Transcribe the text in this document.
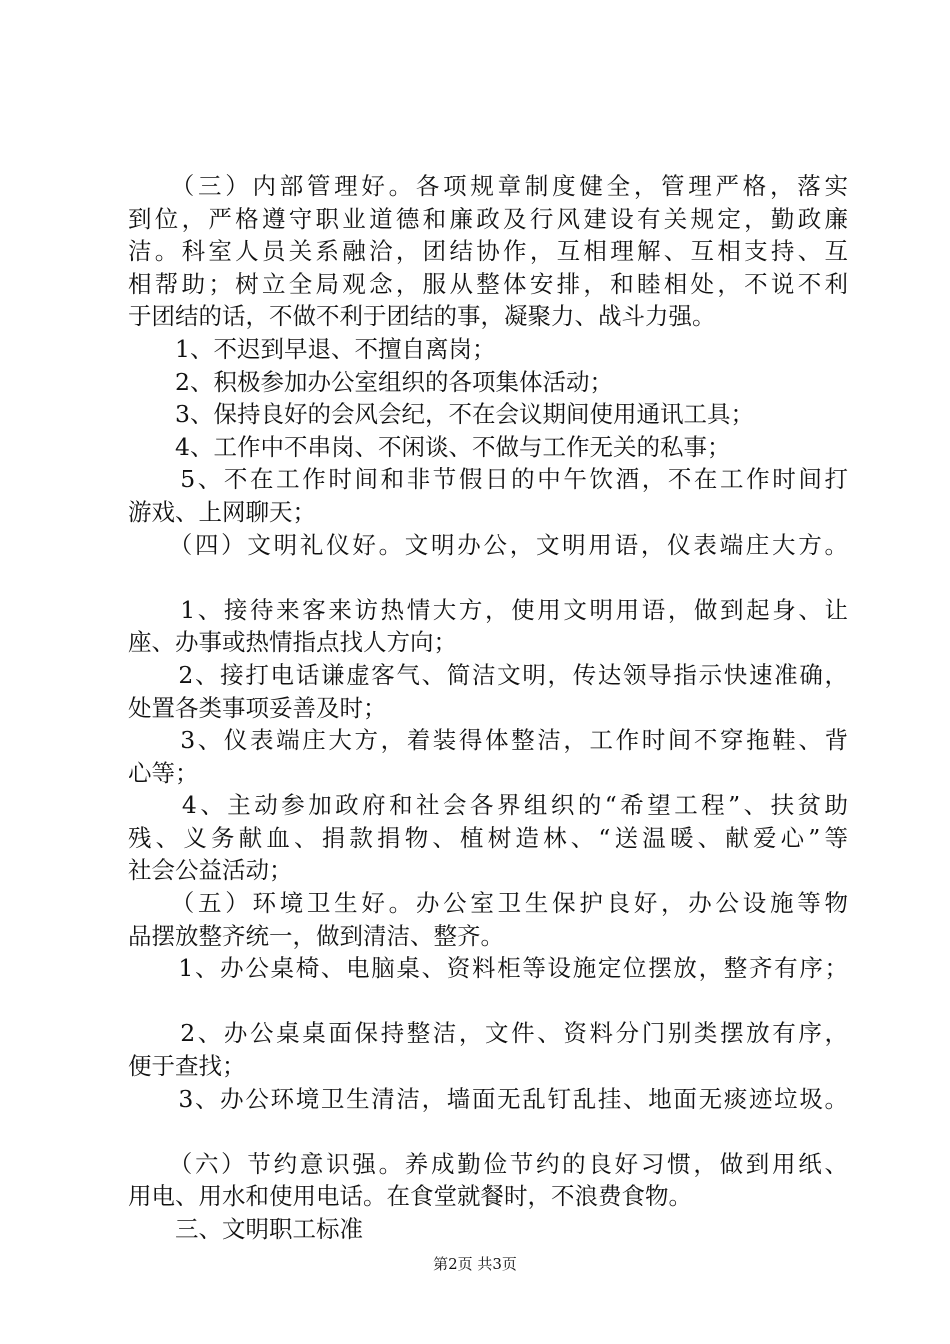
　　（三）内部管理好。各项规章制度健全，管理严格，落实
到位，严格遵守职业道德和廉政及行风建设有关规定，勤政廉
洁。科室人员关系融洽，团结协作，互相理解、互相支持、互
相帮助；树立全局观念，服从整体安排，和睦相处，不说不利
于团结的话，不做不利于团结的事，凝聚力、战斗力强。
　　1、不迟到早退、不擅自离岗；
　　2、积极参加办公室组织的各项集体活动；
　　3、保持良好的会风会纪，不在会议期间使用通讯工具；
　　4、工作中不串岗、不闲谈、不做与工作无关的私事；
　　5、不在工作时间和非节假日的中午饮酒，不在工作时间打
游戏、上网聊天；
　　（四）文明礼仪好。文明办公，文明用语，仪表端庄大方。
　　1、接待来客来访热情大方，使用文明用语，做到起身、让
座、办事或热情指点找人方向；
　　2、接打电话谦虚客气、简洁文明，传达领导指示快速准确，
处置各类事项妥善及时；
　　3、仪表端庄大方，着装得体整洁，工作时间不穿拖鞋、背
心等；
　　4、主动参加政府和社会各界组织的“希望工程”、扶贫助
残、义务献血、捐款捐物、植树造林、“送温暖、献爱心”等
社会公益活动；
　　（五）环境卫生好。办公室卫生保护良好，办公设施等物
品摆放整齐统一，做到清洁、整齐。
　　1、办公桌椅、电脑桌、资料柜等设施定位摆放，整齐有序；
　　2、办公桌桌面保持整洁，文件、资料分门别类摆放有序，
便于查找；
　　3、办公环境卫生清洁，墙面无乱钉乱挂、地面无痰迹垃圾。
　　（六）节约意识强。养成勤俭节约的良好习惯，做到用纸、
用电、用水和使用电话。在食堂就餐时，不浪费食物。
　　三、文明职工标准
第2页 共3页
